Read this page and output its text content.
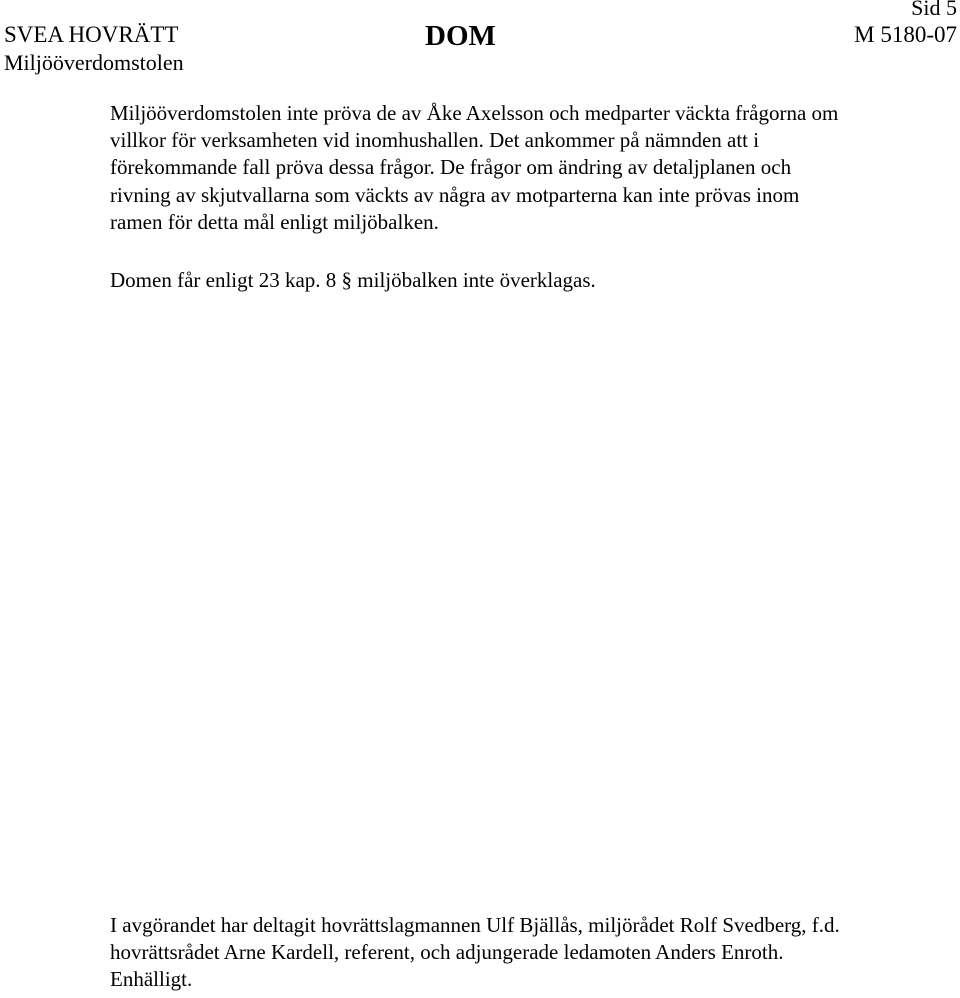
SVEA HOVRÄTT
Miljööverdomstolen
DOM
Sid 5
M 5180-07
Miljööverdomstolen inte pröva de av Åke Axelsson och medparter väckta frågorna om
villkor för verksamheten vid inomhushallen. Det ankommer på nämnden att i
förekommande fall pröva dessa frågor. De frågor om ändring av detaljplanen och
rivning av skjutvallarna som väckts av några av motparterna kan inte prövas inom
ramen för detta mål enligt miljöbalken.
Domen får enligt 23 kap. 8 § miljöbalken inte överklagas.
I avgörandet har deltagit hovrättslagmannen Ulf Bjällås, miljörådet Rolf Svedberg, f.d.
hovrättsrådet Arne Kardell, referent, och adjungerade ledamoten Anders Enroth.
Enhälligt.
